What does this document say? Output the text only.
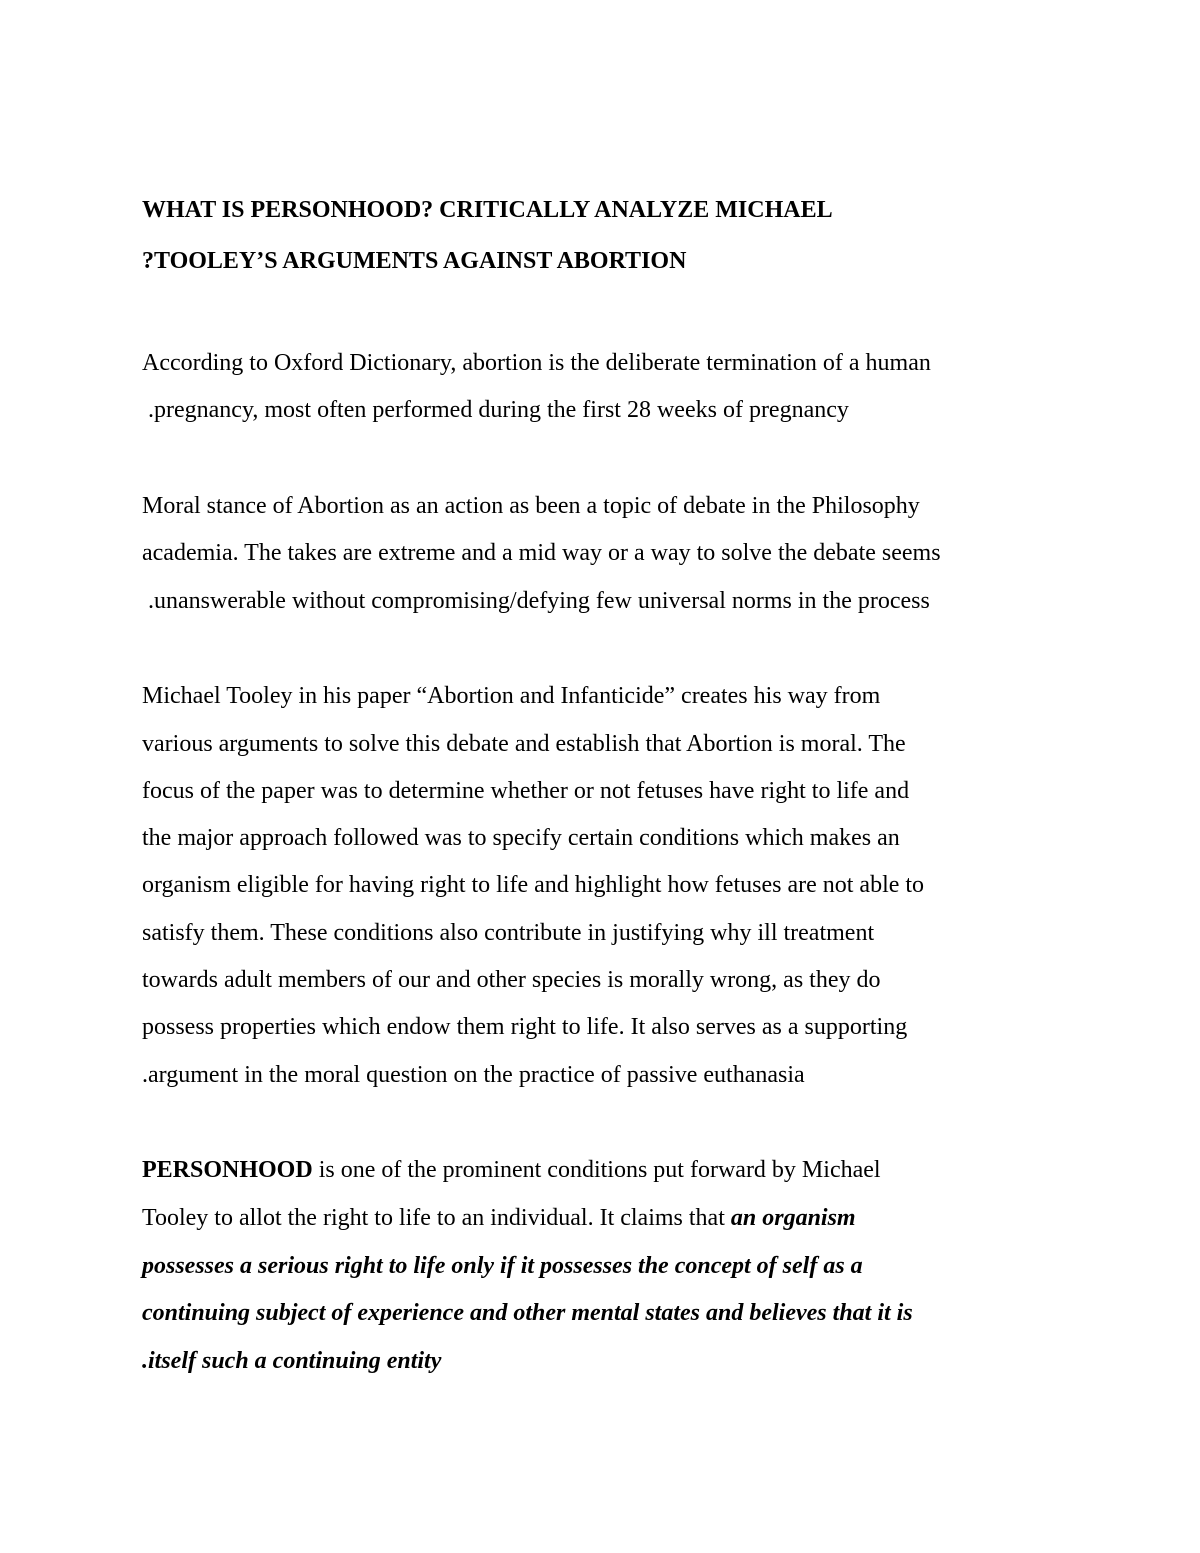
WHAT IS PERSONHOOD? CRITICALLY ANALYZE MICHAEL
?TOOLEY’S ARGUMENTS AGAINST ABORTION
According to Oxford Dictionary, abortion is the deliberate termination of a human
.pregnancy, most often performed during the first 28 weeks of pregnancy
Moral stance of Abortion as an action as been a topic of debate in the Philosophy
academia. The takes are extreme and a mid way or a way to solve the debate seems
.unanswerable without compromising/defying few universal norms in the process
Michael Tooley in his paper “Abortion and Infanticide” creates his way from
various arguments to solve this debate and establish that Abortion is moral. The
focus of the paper was to determine whether or not fetuses have right to life and
the major approach followed was to specify certain conditions which makes an
organism eligible for having right to life and highlight how fetuses are not able to
satisfy them. These conditions also contribute in justifying why ill treatment
towards adult members of our and other species is morally wrong, as they do
possess properties which endow them right to life. It also serves as a supporting
.argument in the moral question on the practice of passive euthanasia
PERSONHOOD is one of the prominent conditions put forward by Michael
Tooley to allot the right to life to an individual. It claims that an organism
possesses a serious right to life only if it possesses the concept of self as a
continuing subject of experience and other mental states and believes that it is
.itself such a continuing entity
